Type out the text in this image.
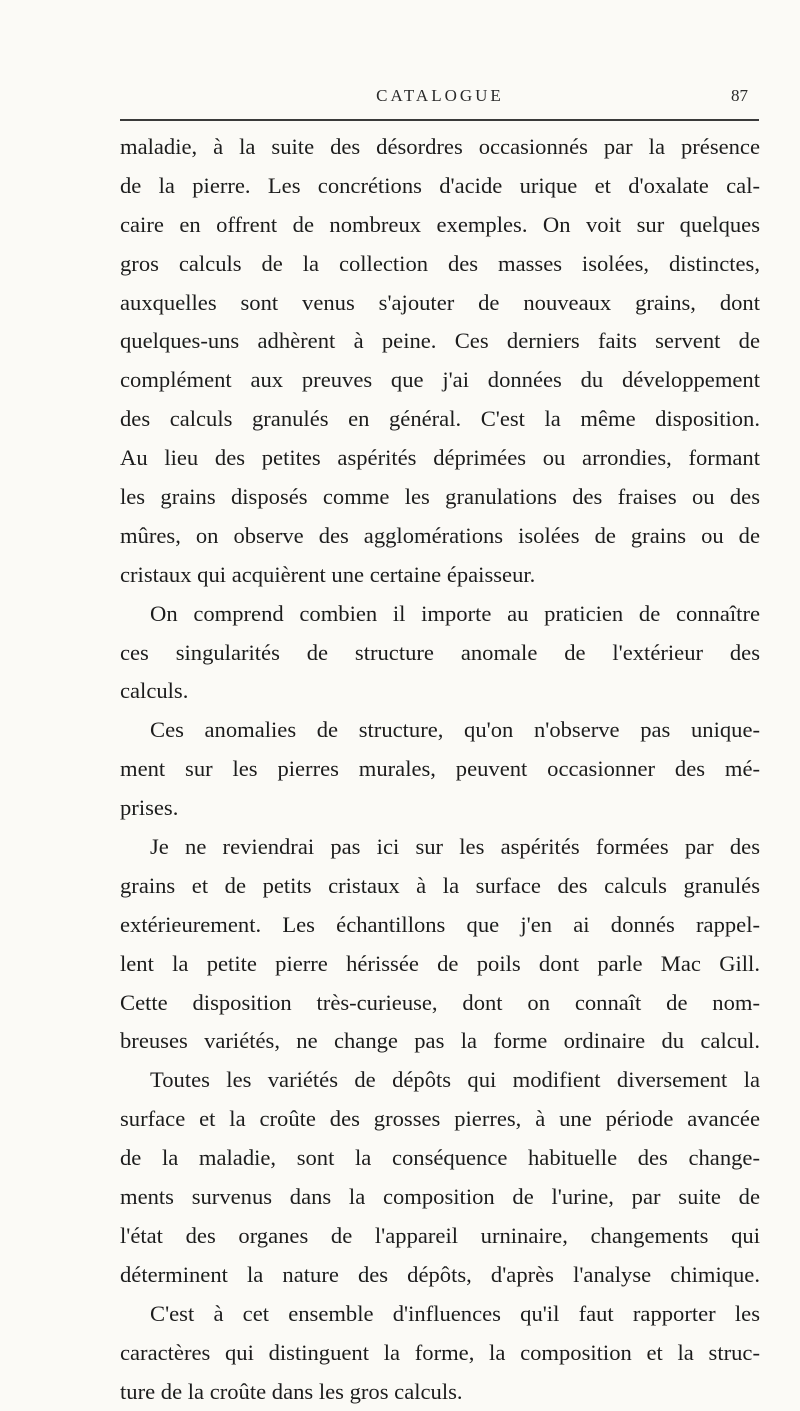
CATALOGUE	87
maladie, à la suite des désordres occasionnés par la présence
de la pierre. Les concrétions d'acide urique et d'oxalate cal-
caire en offrent de nombreux exemples. On voit sur quelques
gros calculs de la collection des masses isolées, distinctes,
auxquelles sont venus s'ajouter de nouveaux grains, dont
quelques-uns adhèrent à peine. Ces derniers faits servent de
complément aux preuves que j'ai données du développement
des calculs granulés en général. C'est la même disposition.
Au lieu des petites aspérités déprimées ou arrondies, formant
les grains disposés comme les granulations des fraises ou des
mûres, on observe des agglomérations isolées de grains ou de
cristaux qui acquièrent une certaine épaisseur.
On comprend combien il importe au praticien de connaître
ces singularités de structure anomale de l'extérieur des
calculs.
Ces anomalies de structure, qu'on n'observe pas unique-
ment sur les pierres murales, peuvent occasionner des mé-
prises.
Je ne reviendrai pas ici sur les aspérités formées par des
grains et de petits cristaux à la surface des calculs granulés
extérieurement. Les échantillons que j'en ai donnés rappel-
lent la petite pierre hérissée de poils dont parle Mac Gill.
Cette disposition très-curieuse, dont on connaît de nom-
breuses variétés, ne change pas la forme ordinaire du calcul.
Toutes les variétés de dépôts qui modifient diversement la
surface et la croûte des grosses pierres, à une période avancée
de la maladie, sont la conséquence habituelle des change-
ments survenus dans la composition de l'urine, par suite de
l'état des organes de l'appareil urninaire, changements qui
déterminent la nature des dépôts, d'après l'analyse chimique.
C'est à cet ensemble d'influences qu'il faut rapporter les
caractères qui distinguent la forme, la composition et la struc-
ture de la croûte dans les gros calculs.
